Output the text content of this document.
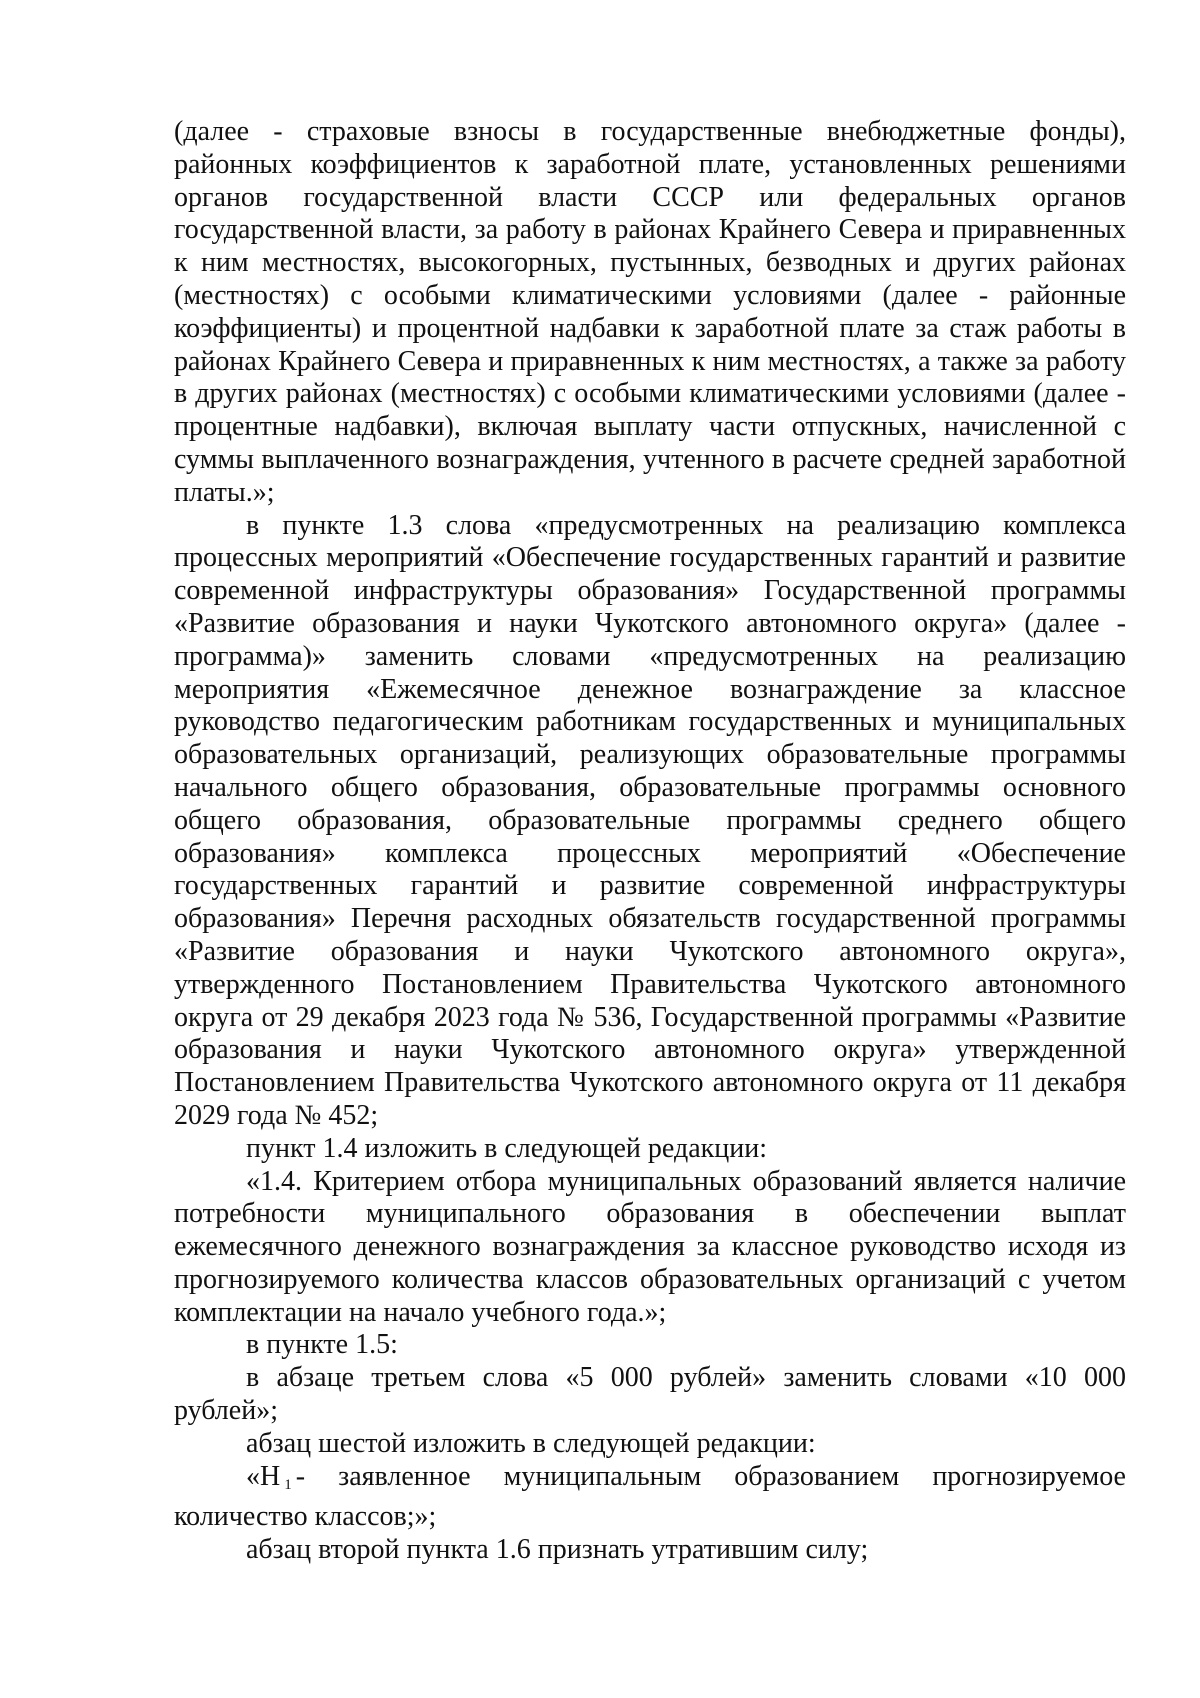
(далее - страховые взносы в государственные внебюджетные фонды), районных коэффициентов к заработной плате, установленных решениями органов государственной власти СССР или федеральных органов государственной власти, за работу в районах Крайнего Севера и приравненных к ним местностях, высокогорных, пустынных, безводных и других районах (местностях) с особыми климатическими условиями (далее - районные коэффициенты) и процентной надбавки к заработной плате за стаж работы в районах Крайнего Севера и приравненных к ним местностях, а также за работу в других районах (местностях) с особыми климатическими условиями (далее - процентные надбавки), включая выплату части отпускных, начисленной с суммы выплаченного вознаграждения, учтенного в расчете средней заработной платы.»;

в пункте 1.3 слова «предусмотренных на реализацию комплекса процессных мероприятий «Обеспечение государственных гарантий и развитие современной инфраструктуры образования» Государственной программы «Развитие образования и науки Чукотского автономного округа» (далее - программа)» заменить словами «предусмотренных на реализацию мероприятия «Ежемесячное денежное вознаграждение за классное руководство педагогическим работникам государственных и муниципальных образовательных организаций, реализующих образовательные программы начального общего образования, образовательные программы основного общего образования, образовательные программы среднего общего образования» комплекса процессных мероприятий «Обеспечение государственных гарантий и развитие современной инфраструктуры образования» Перечня расходных обязательств государственной программы «Развитие образования и науки Чукотского автономного округа», утвержденного Постановлением Правительства Чукотского автономного округа от 29 декабря 2023 года № 536, Государственной программы «Развитие образования и науки Чукотского автономного округа» утвержденной Постановлением Правительства Чукотского автономного округа от 11 декабря 2029 года № 452;

пункт 1.4 изложить в следующей редакции:

«1.4. Критерием отбора муниципальных образований является наличие потребности муниципального образования в обеспечении выплат ежемесячного денежного вознаграждения за классное руководство исходя из прогнозируемого количества классов образовательных организаций с учетом комплектации на начало учебного года.»;

в пункте 1.5:

в абзаце третьем слова «5 000 рублей» заменить словами «10 000 рублей»;

абзац шестой изложить в следующей редакции:

«Н $_1$ - заявленное муниципальным образованием прогнозируемое количество классов;»;

абзац второй пункта 1.6 признать утратившим силу;
